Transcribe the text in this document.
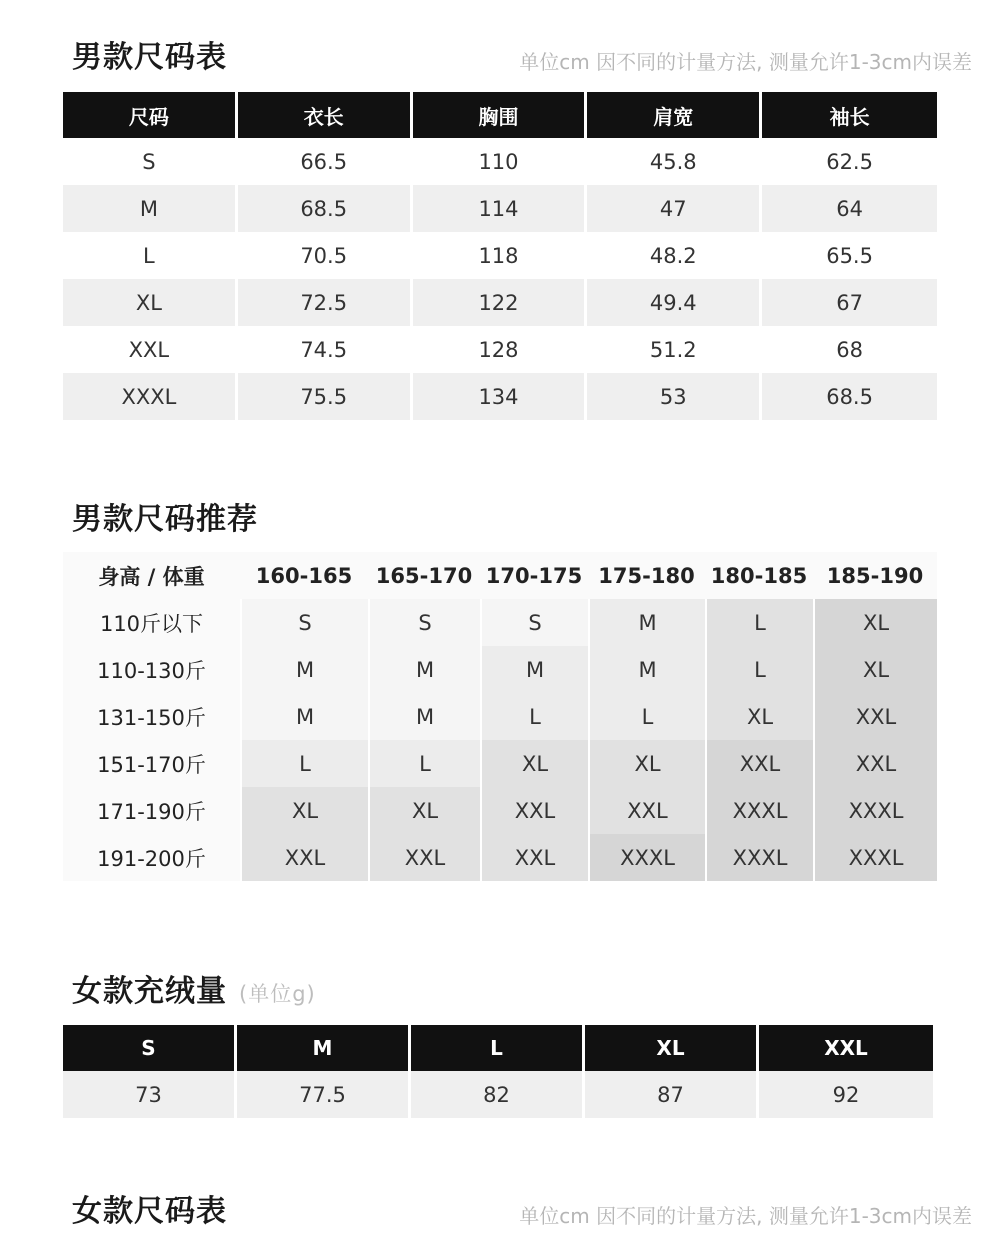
男款尺码表	单位cm 因不同的计量方法, 测量允许1-3cm内误差
尺码	衣长	胸围	肩宽	袖长
S	66.5	110	45.8	62.5
M	68.5	114	47	64
L	70.5	118	48.2	65.5
XL	72.5	122	49.4	67
XXL	74.5	128	51.2	68
XXXL	75.5	134	53	68.5
男款尺码推荐
身高 / 体重	160-165	165-170	170-175	175-180	180-185	185-190
110斤以下	S	S	S	M	L	XL
110-130斤	M	M	M	M	L	XL
131-150斤	M	M	L	L	XL	XXL
151-170斤	L	L	XL	XL	XXL	XXL
171-190斤	XL	XL	XXL	XXL	XXXL	XXXL
191-200斤	XXL	XXL	XXL	XXXL	XXXL	XXXL
女款充绒量 (单位g)
S	M	L	XL	XXL
73	77.5	82	87	92
女款尺码表	单位cm 因不同的计量方法, 测量允许1-3cm内误差
